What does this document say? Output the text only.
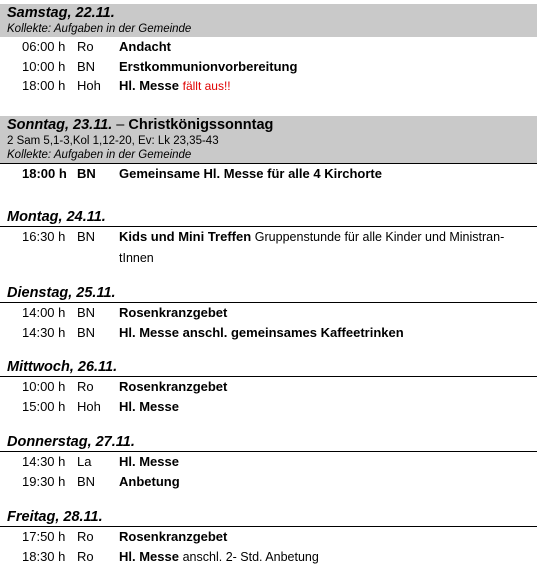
Samstag, 22.11.
Kollekte: Aufgaben in der Gemeinde
06:00 h Ro Andacht
10:00 h BN Erstkommunionvorbereitung
18:00 h Hoh Hl. Messe fällt aus!!
Sonntag, 23.11. – Christkönigssonntag
2 Sam 5,1-3,Kol 1,12-20, Ev: Lk 23,35-43
Kollekte: Aufgaben in der Gemeinde
18:00 h BN Gemeinsame Hl. Messe für alle 4 Kirchorte
Montag, 24.11.
16:30 h BN Kids und Mini Treffen Gruppenstunde für alle Kinder und Ministran-tInnen
Dienstag, 25.11.
14:00 h BN Rosenkranzgebet
14:30 h BN Hl. Messe anschl. gemeinsames Kaffeetrinken
Mittwoch, 26.11.
10:00 h Ro Rosenkranzgebet
15:00 h Hoh Hl. Messe
Donnerstag, 27.11.
14:30 h La Hl. Messe
19:30 h BN Anbetung
Freitag, 28.11.
17:50 h Ro Rosenkranzgebet
18:30 h Ro Hl. Messe anschl. 2- Std. Anbetung
